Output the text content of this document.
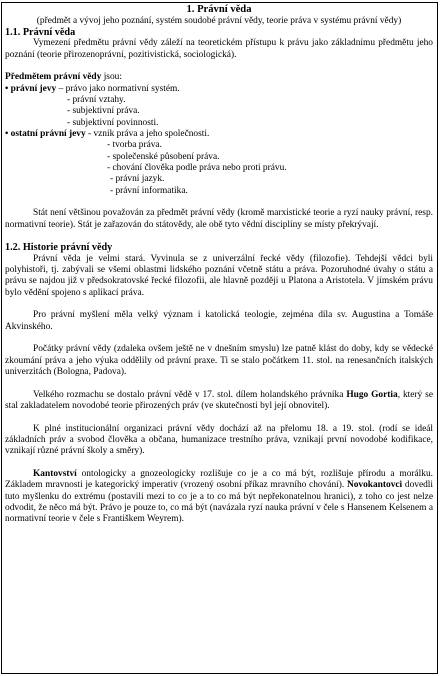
1. Právní věda
(předmět a vývoj jeho poznání, systém soudobé právní vědy, teorie práva v systému právní vědy)
1.1. Právní věda

Vymezení předmětu právní vědy záleží na teoretickém přístupu k právu jako základnímu předmětu jeho poznání (teorie přirozenoprávní, pozitivistická, sociologická).

Předmětem právní vědy jsou:
• právní jevy – právo jako normativní systém.
- právní vztahy.
- subjektivní práva.
- subjektivní povinnosti.
• ostatní právní jevy - vznik práva a jeho společnosti.
- tvorba práva.
- společenské působení práva.
- chování člověka podle práva nebo proti právu.
- právní jazyk.
- právní informatika.

Stát není většinou považován za předmět právní vědy (kromě marxistické teorie a ryzí nauky právní, resp. normativní teorie). Stát je zařazován do státovědy, ale obě tyto vědní disciplíny se místy překrývají.

1.2. Historie právní vědy

Právní věda je velmi stará. Vyvinula se z univerzální řecké vědy (filozofie). Tehdejší vědci byli polyhistoři, tj. zabývali se všemi oblastmi lidského poznání včetně státu a práva. Pozoruhodné úvahy o státu a právu se najdou již v předsokratovské řecké filozofii, ale hlavně později u Platona a Aristotela. V jímském právu bylo vědění spojeno s aplikací práva.

Pro právní myšlení měla velký význam i katolická teologie, zejména díla sv. Augustina a Tomáše Akvinského.

Počátky právní vědy (zdaleka ovšem ještě ne v dnešním smyslu) lze patně klást do doby, kdy se vědecké zkoumání práva a jeho výuka oddělily od právní praxe. Ti se stalo počátkem 11. stol. na renesančních italských univerzitách (Bologna, Padova).

Velkého rozmachu se dostalo právní vědě v 17. stol. dílem holandského právníka Hugo Gortia, který se stal zakladatelem novodobé teorie přirozených práv (ve skutečnosti byl její obnovitel).

K plné institucionální organizaci právní vědy dochází až na přelomu 18. a 19. stol. (rodí se ideál základních práv a svobod člověka a občana, humanizace trestního práva, vznikají první novodobé kodifikace, vznikají různé právní školy a směry).

Kantovství ontologicky a gnozeologicky rozlišuje co je a co má být, rozlišuje přírodu a morálku. Základem mravnosti je kategorický imperativ (vrozený osobní příkaz mravního chování). Novokantovci dovedli tuto myšlenku do extrému (postavili mezi to co je a to co má být nepřekonatelnou hranici), z toho co jest nelze odvodit, že něco má být. Právo je pouze to, co má být (navázala ryzí nauka právní v čele s Hansenem Kelsenem a normativní teorie v čele s Františkem Weyrem).
